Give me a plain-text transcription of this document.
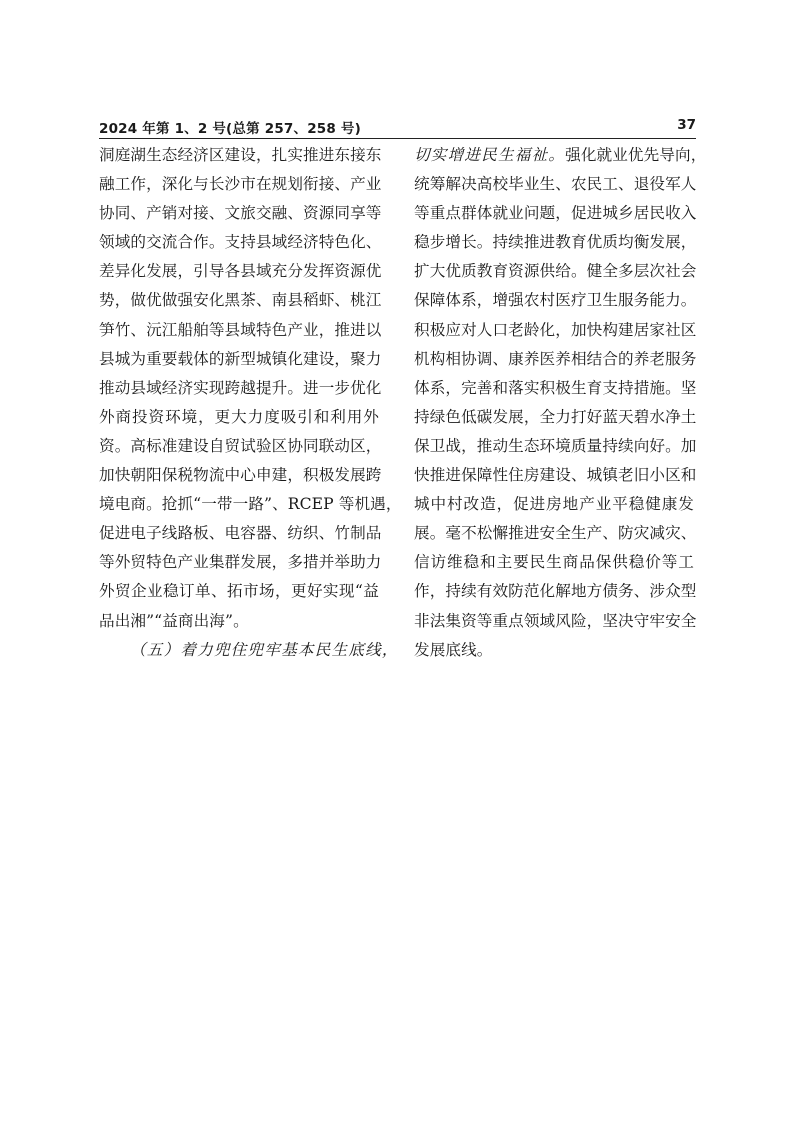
2024 年第 1、2 号(总第 257、258 号)	37
洞庭湖生态经济区建设，扎实推进东接东
融工作，深化与长沙市在规划衔接、产业
协同、产销对接、文旅交融、资源同享等
领域的交流合作。支持县域经济特色化、
差异化发展，引导各县域充分发挥资源优
势，做优做强安化黑茶、南县稻虾、桃江
笋竹、沅江船舶等县域特色产业，推进以
县城为重要载体的新型城镇化建设，聚力
推动县域经济实现跨越提升。进一步优化
外商投资环境，更大力度吸引和利用外
资。高标准建设自贸试验区协同联动区，
加快朝阳保税物流中心申建，积极发展跨
境电商。抢抓“一带一路”、RCEP 等机遇，
促进电子线路板、电容器、纺织、竹制品
等外贸特色产业集群发展，多措并举助力
外贸企业稳订单、拓市场，更好实现“益
品出湘”“益商出海”。
（五）着力兜住兜牢基本民生底线，
切实增进民生福祉。强化就业优先导向，
统筹解决高校毕业生、农民工、退役军人
等重点群体就业问题，促进城乡居民收入
稳步增长。持续推进教育优质均衡发展，
扩大优质教育资源供给。健全多层次社会
保障体系，增强农村医疗卫生服务能力。
积极应对人口老龄化，加快构建居家社区
机构相协调、康养医养相结合的养老服务
体系，完善和落实积极生育支持措施。坚
持绿色低碳发展，全力打好蓝天碧水净土
保卫战，推动生态环境质量持续向好。加
快推进保障性住房建设、城镇老旧小区和
城中村改造，促进房地产业平稳健康发
展。毫不松懈推进安全生产、防灾减灾、
信访维稳和主要民生商品保供稳价等工
作，持续有效防范化解地方债务、涉众型
非法集资等重点领域风险，坚决守牢安全
发展底线。
